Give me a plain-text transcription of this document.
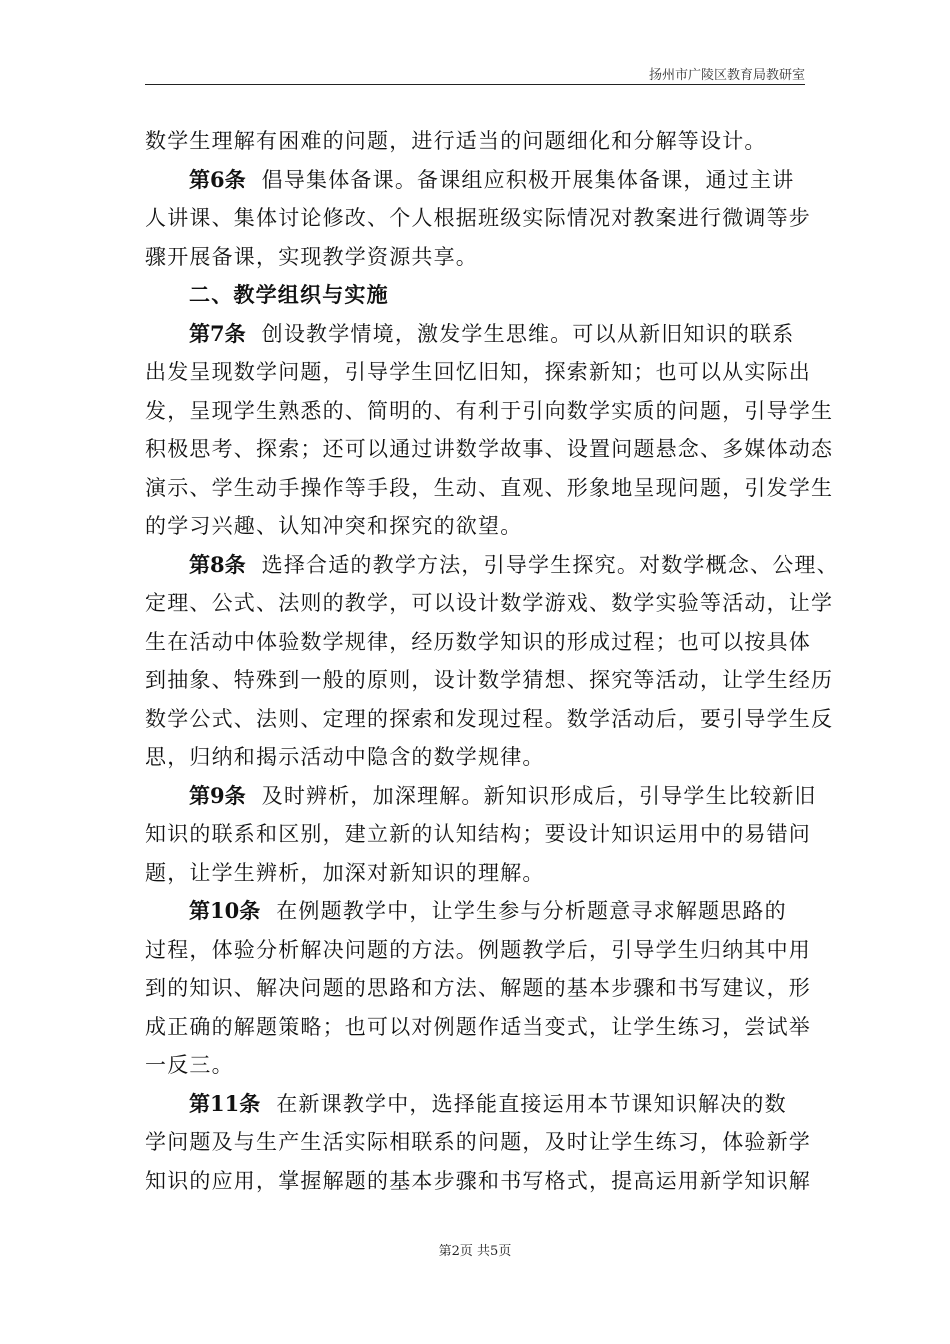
扬州市广陵区教育局教研室
数学生理解有困难的问题，进行适当的问题细化和分解等设计。
第6条 倡导集体备课。备课组应积极开展集体备课，通过主讲
人讲课、集体讨论修改、个人根据班级实际情况对教案进行微调等步
骤开展备课，实现教学资源共享。
二、教学组织与实施
第7条 创设教学情境，激发学生思维。可以从新旧知识的联系
出发呈现数学问题，引导学生回忆旧知，探索新知；也可以从实际出
发，呈现学生熟悉的、简明的、有利于引向数学实质的问题，引导学生
积极思考、探索；还可以通过讲数学故事、设置问题悬念、多媒体动态
演示、学生动手操作等手段，生动、直观、形象地呈现问题，引发学生
的学习兴趣、认知冲突和探究的欲望。
第8条 选择合适的教学方法，引导学生探究。对数学概念、公理、
定理、公式、法则的教学，可以设计数学游戏、数学实验等活动，让学
生在活动中体验数学规律，经历数学知识的形成过程；也可以按具体
到抽象、特殊到一般的原则，设计数学猜想、探究等活动，让学生经历
数学公式、法则、定理的探索和发现过程。数学活动后，要引导学生反
思，归纳和揭示活动中隐含的数学规律。
第9条 及时辨析，加深理解。新知识形成后，引导学生比较新旧
知识的联系和区别，建立新的认知结构；要设计知识运用中的易错问
题，让学生辨析，加深对新知识的理解。
第10条 在例题教学中，让学生参与分析题意寻求解题思路的
过程，体验分析解决问题的方法。例题教学后，引导学生归纳其中用
到的知识、解决问题的思路和方法、解题的基本步骤和书写建议，形
成正确的解题策略；也可以对例题作适当变式，让学生练习，尝试举
一反三。
第11条 在新课教学中，选择能直接运用本节课知识解决的数
学问题及与生产生活实际相联系的问题，及时让学生练习，体验新学
知识的应用，掌握解题的基本步骤和书写格式，提高运用新学知识解
第2页 共5页
